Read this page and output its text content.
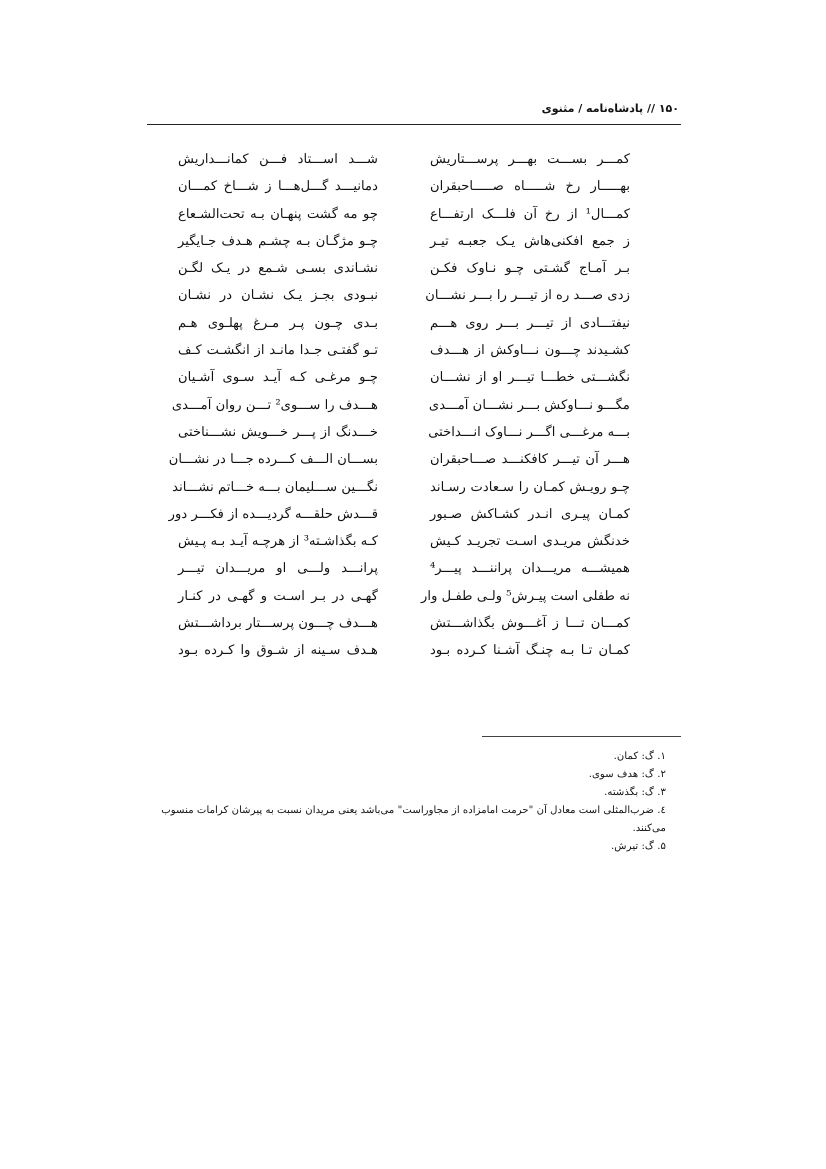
۱۵۰ // پادشاه‌نامه / مثنوی
کمـــر بســـت بهـــر پرســـتاریش
بهـــــار رخ شـــــاه صـــــاحبقران
کمـــال¹ از رخ آن فلـــک ارتفـــاع
ز جمع افکنی‌هاش یـک جعبـه تیـر
بـر آمـاج گشـتی چـو نـاوک فکـن
زدی صـــد ره از تیـــر را بـــر نشـــان
نیفتـــادی از تیـــر بـــر روی هـــم
کشـیدند چـــون نـــاوکش از هـــدف
نگشـــتی خطـــا تیـــر او از نشـــان
مگـــو نـــاوکش بـــر نشـــان آمـــدی
بـــه مرغـــی اگـــر نـــاوک انـــداختی
هـــر آن تیـــر کافکنـــد صـــاحبقران
چـو رویـش کمـان را سـعادت رسـاند
کمـان پیـری انـدر کشـاکش صـبور
خدنگش مریـدی اسـت تجریـد کـیش
همیشـــه مریـــدان پراننـــد پیـــر⁴
نه طفلی است پیـرش⁵ ولـی طفـل وار
کمـــان تـــا ز آغـــوش بگذاشـــتش
کمـان تـا بـه چنـگ آشـنا کـرده بـود
شـــد اســـتاد فـــن کمانـــداریش
دمانیـــد گـــل‌هـــا ز شـــاخ کمـــان
چو مه گشت پنهـان بـه تحت‌الشـعاع
چـو مژگـان بـه چشـم هـدف جـایگیر
نشـاندی بسـی شـمع در یـک لگـن
نبـودی بجـز یـک نشـان در نشـان
بـدی چـون پـر مـرغ پهلـوی هـم
تـو گفتـی جـدا مانـد از انگشـت کـف
چـو مرغـی کـه آیـد سـوی آشـیان
هـــدف را ســـوی² تـــن روان آمـــدی
خـــدنگ از پـــر خـــویش نشـــناختی
بســـان الـــف کـــرده جـــا در نشـــان
نگـــین ســـلیمان بـــه خـــاتم نشـــاند
قـــدش حلقـــه گردیـــده از فکـــر دور
کـه بگذاشـته³ از هرچـه آیـد بـه پـیش
پرانـــد ولـــی او مریـــدان تیـــر
گهـی در بـر اسـت و گهـی در کنـار
هـــدف چـــون پرســـتار برداشـــتش
هـدف سـینه از شـوق وا کـرده بـود

۱. گ: کمان.

۲. گ: هدف سوی.

۳. گ: بگذشته.

٤. ضرب‌المثلی است معادل آن "حرمت امامزاده از مجاوراست" می‌باشد یعنی مریدان نسبت به پیرشان کرامات منسوب می‌کنند.

۵. گ: تیرش.
